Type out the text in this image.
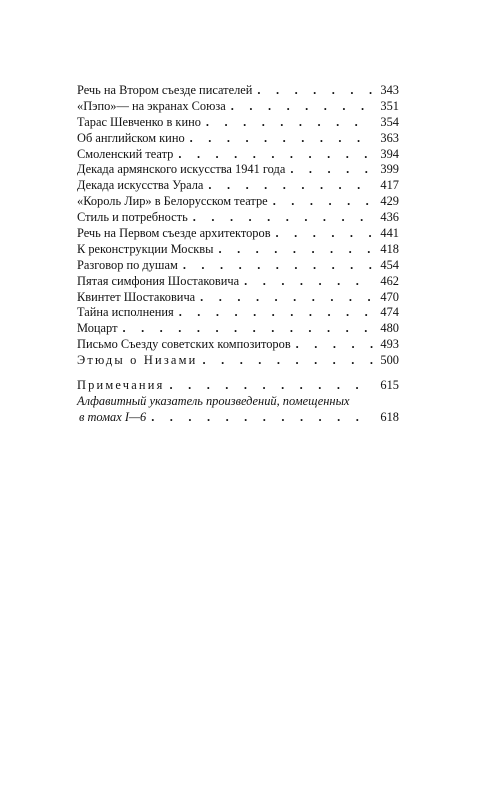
Речь на Втором съезде писателей . . .	343
«Пэпо»— на экранах Союза . . .	351
Тарас Шевченко в кино . . .	354
Об английском кино . . .	363
Смоленский театр . . .	394
Декада армянского искусства 1941 года . . .	399
Декада искусства Урала . . .	417
«Король Лир» в Белорусском театре . . .	429
Стиль и потребность . . .	436
Речь на Первом съезде архитекторов . . .	441
К реконструкции Москвы . . .	418
Разговор по душам . . .	454
Пятая симфония Шостаковича . . .	462
Квинтет Шостаковича . . .	470
Тайна исполнения . . .	474
Моцарт . . .	480
Письмо Съезду советских композиторов . . .	493
Этюды о Низами . . .	500
Примечания . . .	615
Алфавитный указатель произведений, помещенных
в томах I—6 . . .	618
